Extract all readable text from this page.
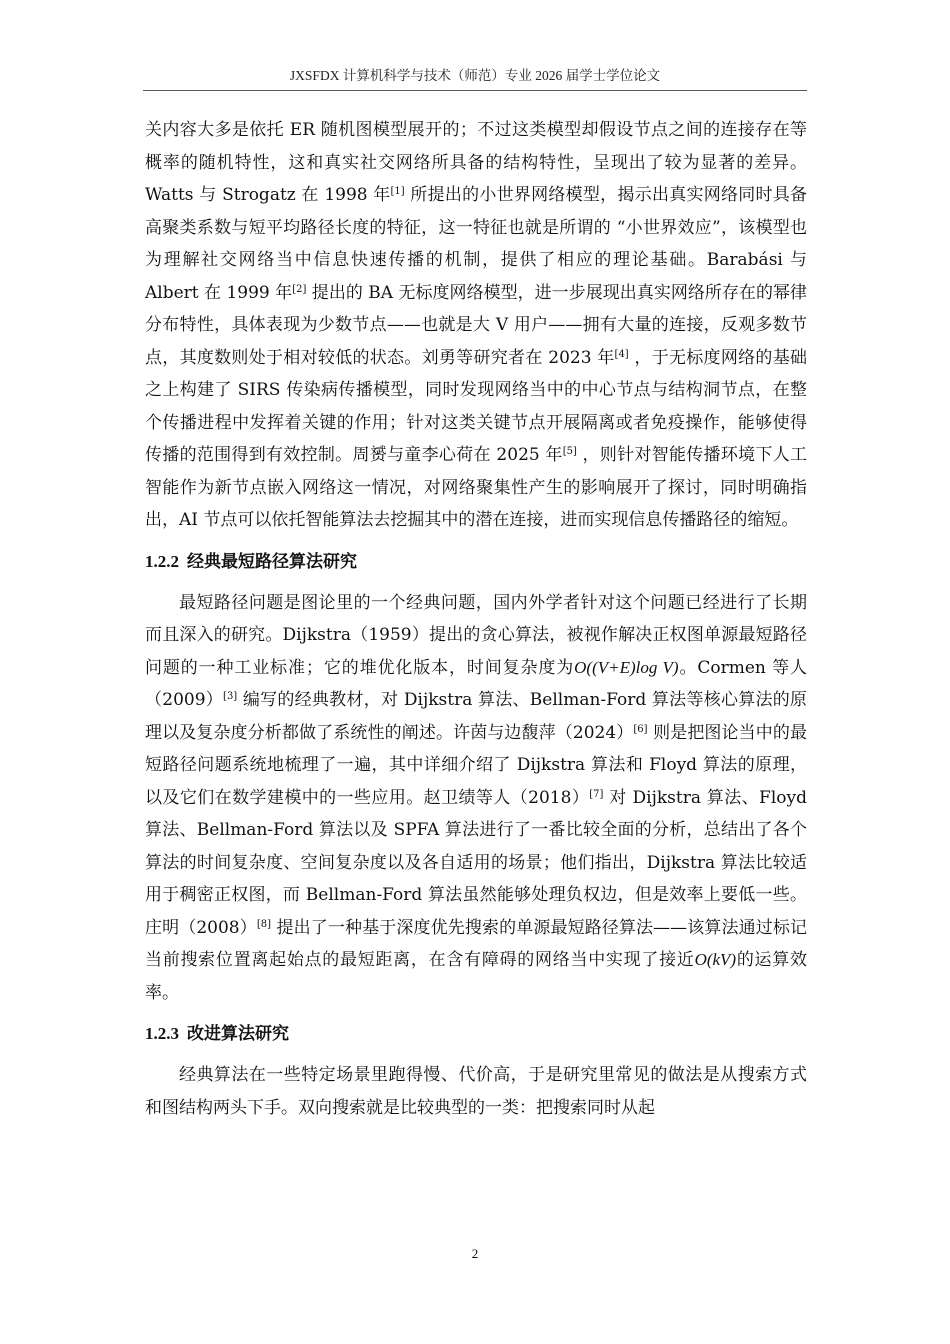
JXSFDX 计算机科学与技术（师范）专业 2026 届学士学位论文

关内容大多是依托 ER 随机图模型展开的；不过这类模型却假设节点之间的连接存在等概率的随机特性，这和真实社交网络所具备的结构特性，呈现出了较为显著的差异。Watts 与 Strogatz 在 1998 年[1] 所提出的小世界网络模型，揭示出真实网络同时具备高聚类系数与短平均路径长度的特征，这一特征也就是所谓的 “小世界效应”，该模型也为理解社交网络当中信息快速传播的机制，提供了相应的理论基础。Barabási 与 Albert 在 1999 年[2] 提出的 BA 无标度网络模型，进一步展现出真实网络所存在的幂律分布特性，具体表现为少数节点——也就是大 V 用户——拥有大量的连接，反观多数节点，其度数则处于相对较低的状态。刘勇等研究者在 2023 年[4] ，于无标度网络的基础之上构建了 SIRS 传染病传播模型，同时发现网络当中的中心节点与结构洞节点，在整个传播进程中发挥着关键的作用；针对这类关键节点开展隔离或者免疫操作，能够使得传播的范围得到有效控制。周赟与童李心荷在 2025 年[5] ，则针对智能传播环境下人工智能作为新节点嵌入网络这一情况，对网络聚集性产生的影响展开了探讨，同时明确指出，AI 节点可以依托智能算法去挖掘其中的潜在连接，进而实现信息传播路径的缩短。

1.2.2 经典最短路径算法研究

最短路径问题是图论里的一个经典问题，国内外学者针对这个问题已经进行了长期而且深入的研究。Dijkstra（1959）提出的贪心算法，被视作解决正权图单源最短路径问题的一种工业标准；它的堆优化版本，时间复杂度为O((V+E)log V)。Cormen 等人（2009）[3] 编写的经典教材，对 Dijkstra 算法、Bellman-Ford 算法等核心算法的原理以及复杂度分析都做了系统性的阐述。许茵与边馥萍（2024）[6] 则是把图论当中的最短路径问题系统地梳理了一遍，其中详细介绍了 Dijkstra 算法和 Floyd 算法的原理，以及它们在数学建模中的一些应用。赵卫绩等人（2018）[7] 对 Dijkstra 算法、Floyd 算法、Bellman-Ford 算法以及 SPFA 算法进行了一番比较全面的分析，总结出了各个算法的时间复杂度、空间复杂度以及各自适用的场景；他们指出，Dijkstra 算法比较适用于稠密正权图，而 Bellman-Ford 算法虽然能够处理负权边，但是效率上要低一些。庄明（2008）[8] 提出了一种基于深度优先搜索的单源最短路径算法——该算法通过标记当前搜索位置离起始点的最短距离，在含有障碍的网络当中实现了接近O(kV)的运算效率。

1.2.3 改进算法研究

经典算法在一些特定场景里跑得慢、代价高，于是研究里常见的做法是从搜索方式和图结构两头下手。双向搜索就是比较典型的一类：把搜索同时从起

2
